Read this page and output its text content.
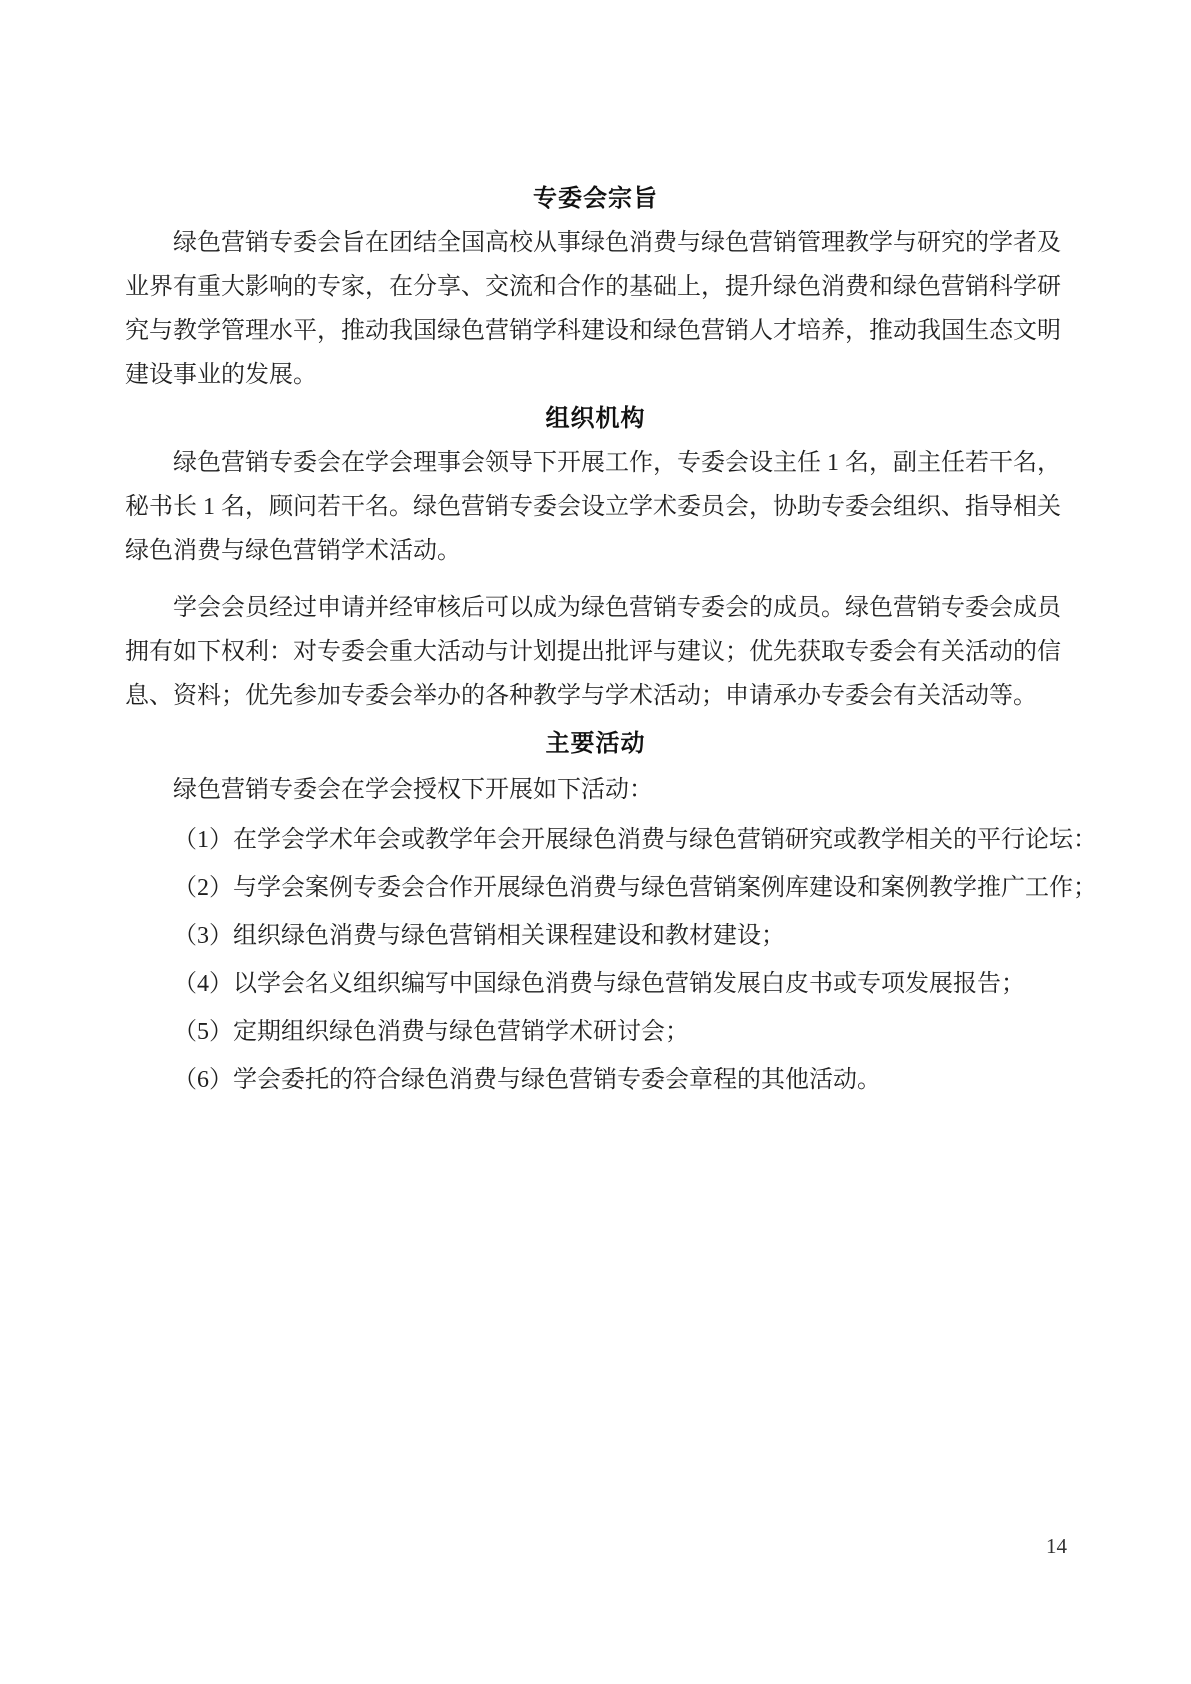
专委会宗旨
绿色营销专委会旨在团结全国高校从事绿色消费与绿色营销管理教学与研究的学者及
业界有重大影响的专家，在分享、交流和合作的基础上，提升绿色消费和绿色营销科学研
究与教学管理水平，推动我国绿色营销学科建设和绿色营销人才培养，推动我国生态文明
建设事业的发展。
组织机构
绿色营销专委会在学会理事会领导下开展工作，专委会设主任 1 名，副主任若干名，
秘书长 1 名，顾问若干名。绿色营销专委会设立学术委员会，协助专委会组织、指导相关
绿色消费与绿色营销学术活动。
学会会员经过申请并经审核后可以成为绿色营销专委会的成员。绿色营销专委会成员
拥有如下权利：对专委会重大活动与计划提出批评与建议；优先获取专委会有关活动的信
息、资料；优先参加专委会举办的各种教学与学术活动；申请承办专委会有关活动等。
主要活动
绿色营销专委会在学会授权下开展如下活动：
（1）在学会学术年会或教学年会开展绿色消费与绿色营销研究或教学相关的平行论坛：
（2）与学会案例专委会合作开展绿色消费与绿色营销案例库建设和案例教学推广工作；
（3）组织绿色消费与绿色营销相关课程建设和教材建设；
（4）以学会名义组织编写中国绿色消费与绿色营销发展白皮书或专项发展报告；
（5）定期组织绿色消费与绿色营销学术研讨会；
（6）学会委托的符合绿色消费与绿色营销专委会章程的其他活动。
14
